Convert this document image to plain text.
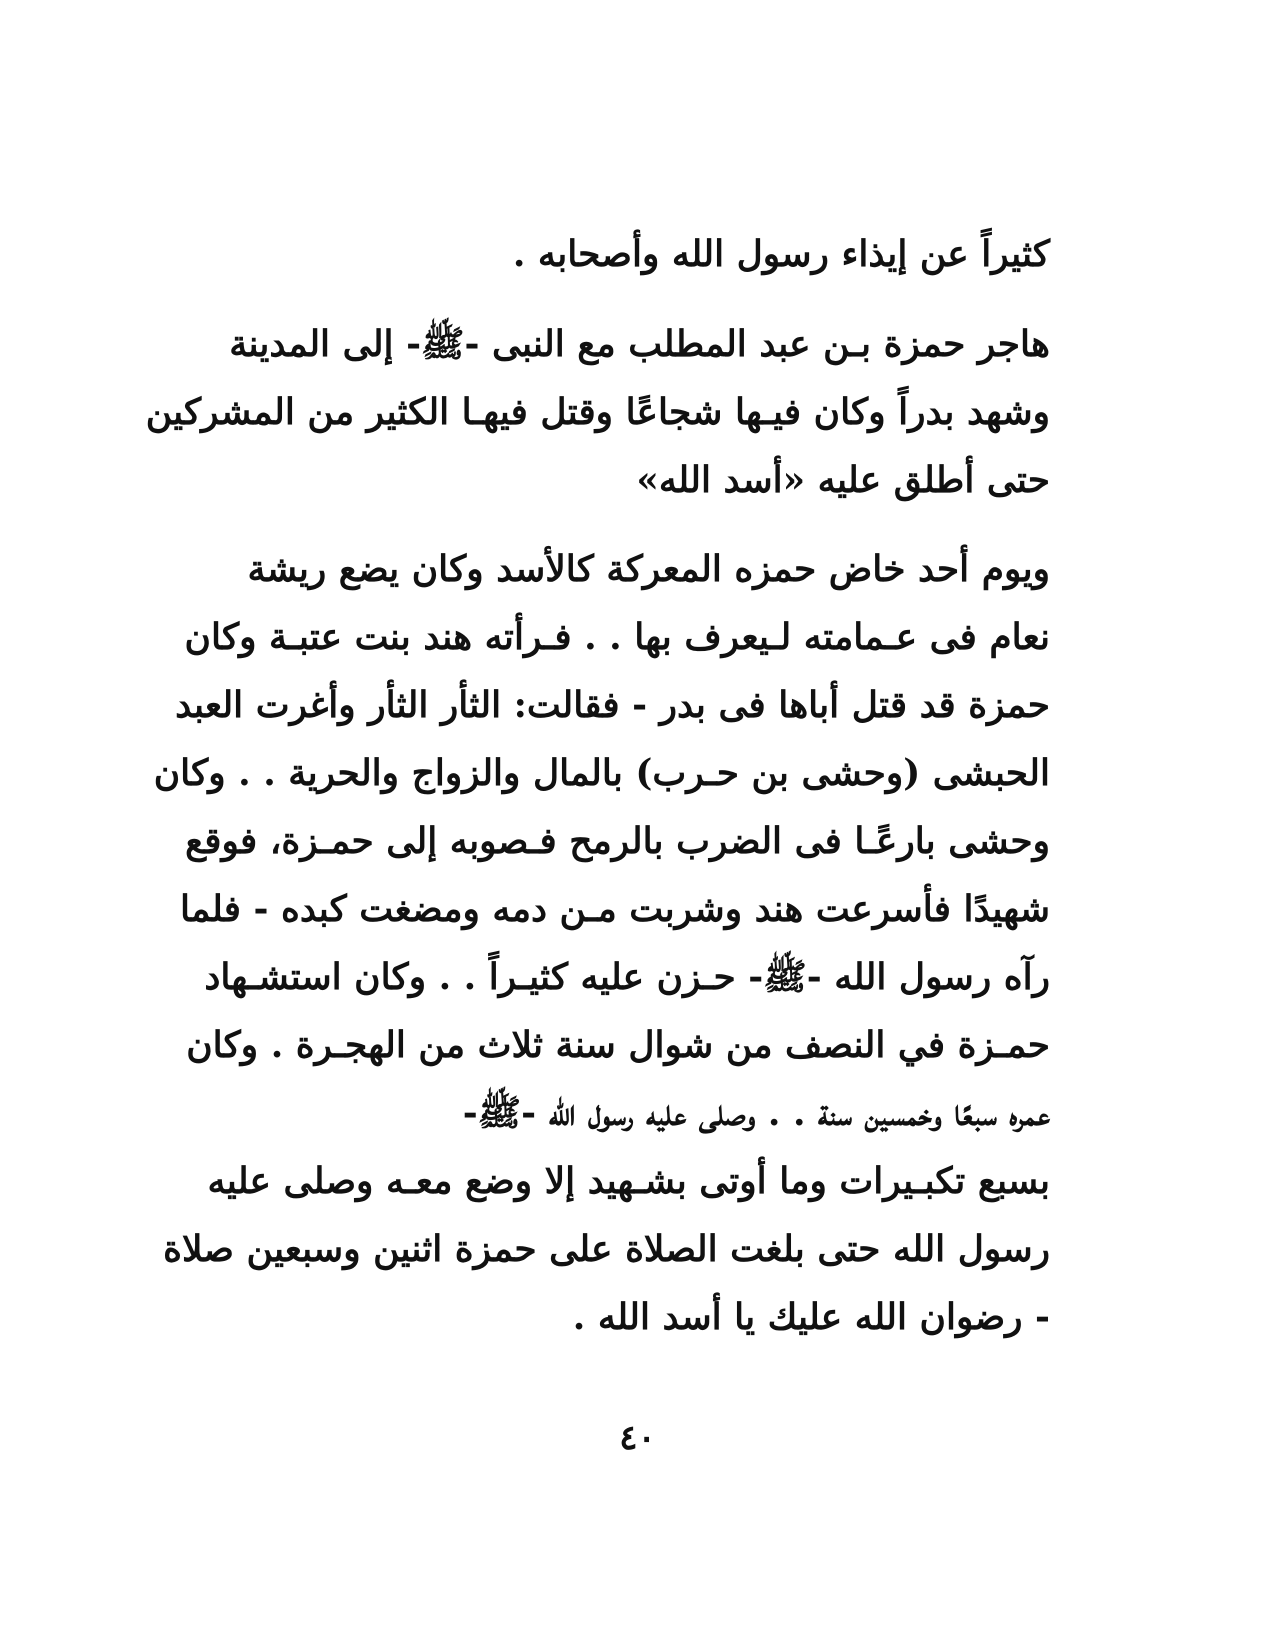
كثيراً عن إيذاء رسول الله وأصحابه .
هاجر حمزة بـن عبد المطلب مع النبى -ﷺ- إلى المدينة
وشهد بدراً وكان فيـها شجاعًا وقتل فيهـا الكثير من المشركين
حتى أطلق عليه «أسد الله»
ويوم أحد خاض حمزه المعركة كالأسد وكان يضع ريشة
نعام فى عـمامته لـيعرف بها . . فـرأته هند بنت عتبـة وكان
حمزة قد قتل أباها فى بدر - فقالت: الثأر الثأر وأغرت العبد
الحبشى (وحشى بن حـرب) بالمال والزواج والحرية . . وكان
وحشى بارعًـا فى الضرب بالرمح فـصوبه إلى حمـزة، فوقع
شهيدًا فأسرعت هند وشربت مـن دمه ومضغت كبده - فلما
رآه رسول الله -ﷺ- حـزن عليه كثيـراً . . وكان استشـهاد
حمـزة في النصف من شوال سنة ثلاث من الهجـرة . وكان
عمره سبعًا وخمسين سنة . . وصلى عليه رسول الله -ﷺ-
بسبع تكبـيرات وما أوتى بشـهيد إلا وضع معـه وصلى عليه
رسول الله حتى بلغت الصلاة على حمزة اثنين وسبعين صلاة
- رضوان الله عليك يا أسد الله .
٤٠
